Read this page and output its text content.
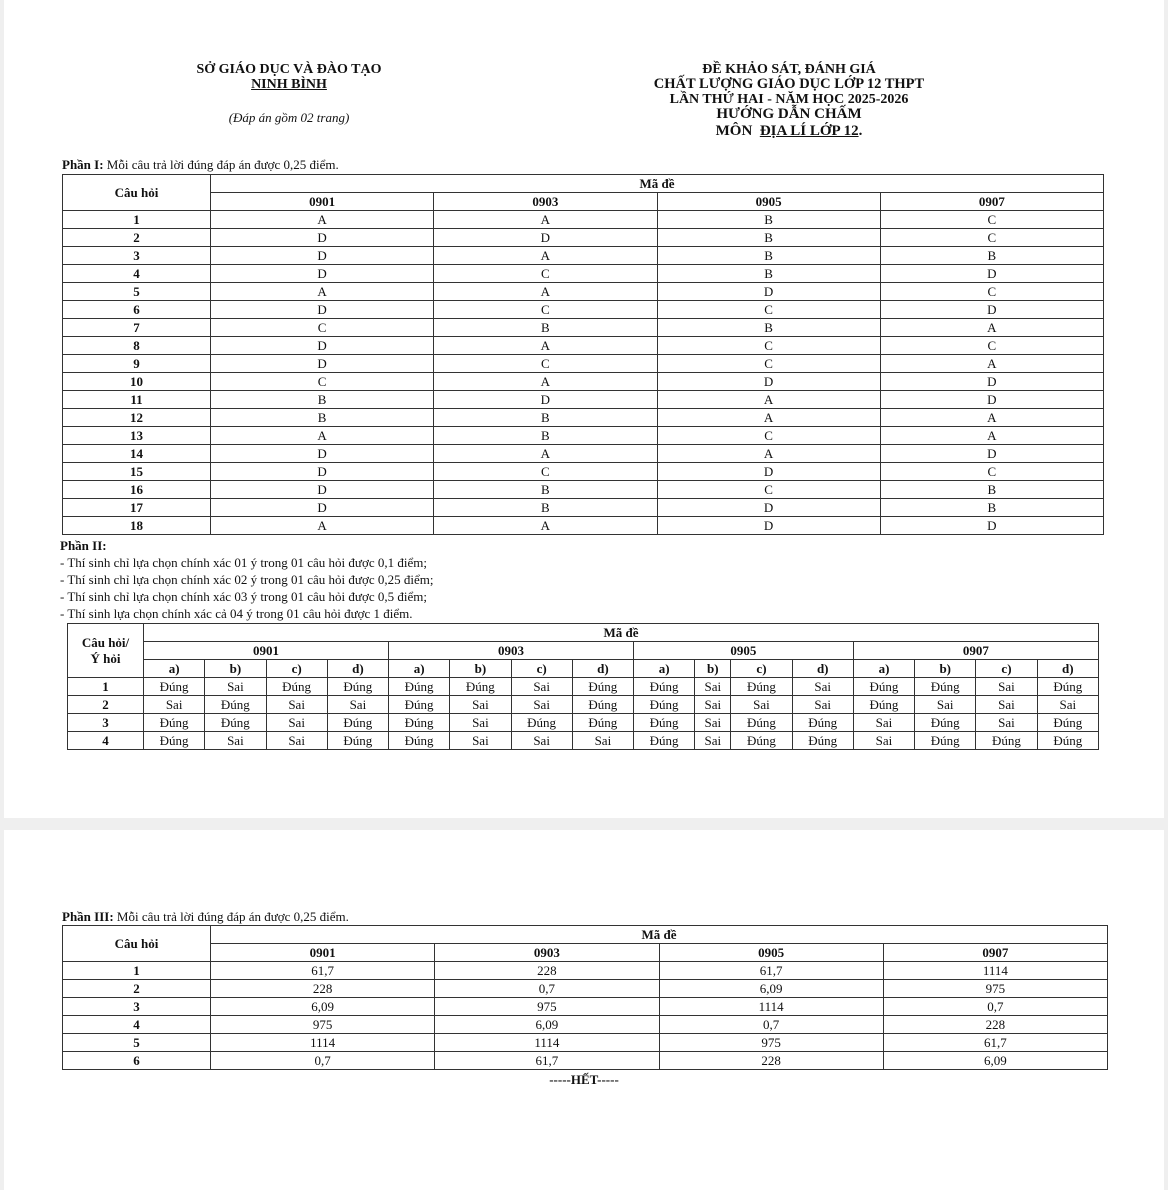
SỞ GIÁO DỤC VÀ ĐÀO TẠO
NINH BÌNH
(Đáp án gồm 02 trang)
ĐỀ KHẢO SÁT, ĐÁNH GIÁ
CHẤT LƯỢNG GIÁO DỤC LỚP 12 THPT
LẦN THỨ HAI - NĂM HỌC 2025-2026
HƯỚNG DẪN CHẤM
MÔN ĐỊA LÍ LỚP 12.
Phần I: Mỗi câu trả lời đúng đáp án được 0,25 điểm.
Câu hỏi	Mã đề			
	0901	0903	0905	0907
1	A	A	B	C
2	D	D	B	C
3	D	A	B	B
4	D	C	B	D
5	A	A	D	C
6	D	C	C	D
7	C	B	B	A
8	D	A	C	C
9	D	C	C	A
10	C	A	D	D
11	B	D	A	D
12	B	B	A	A
13	A	B	C	A
14	D	A	A	D
15	D	C	D	C
16	D	B	C	B
17	D	B	D	B
18	A	A	D	D
Phần II:
- Thí sinh chỉ lựa chọn chính xác 01 ý trong 01 câu hỏi được 0,1 điểm;
- Thí sinh chỉ lựa chọn chính xác 02 ý trong 01 câu hỏi được 0,25 điểm;
- Thí sinh chỉ lựa chọn chính xác 03 ý trong 01 câu hỏi được 0,5 điểm;
- Thí sinh lựa chọn chính xác cả 04 ý trong 01 câu hỏi được 1 điểm.
Câu hỏi/
Ý hỏi	Mã đề															
	0901				0903				0905				0907			
	a)	b)	c)	d)	a)	b)	c)	d)	a)	b)	c)	d)	a)	b)	c)	d)
1	Đúng	Sai	Đúng	Đúng	Đúng	Đúng	Sai	Đúng	Đúng	Sai	Đúng	Sai	Đúng	Đúng	Sai	Đúng
2	Sai	Đúng	Sai	Sai	Đúng	Sai	Sai	Đúng	Đúng	Sai	Sai	Sai	Đúng	Sai	Sai	Sai
3	Đúng	Đúng	Sai	Đúng	Đúng	Sai	Đúng	Đúng	Đúng	Sai	Đúng	Đúng	Sai	Đúng	Sai	Đúng
4	Đúng	Sai	Sai	Đúng	Đúng	Sai	Sai	Sai	Đúng	Sai	Đúng	Đúng	Sai	Đúng	Đúng	Đúng
Phần III: Mỗi câu trả lời đúng đáp án được 0,25 điểm.
Câu hỏi	Mã đề			
	0901	0903	0905	0907
1	61,7	228	61,7	1114
2	228	0,7	6,09	975
3	6,09	975	1114	0,7
4	975	6,09	0,7	228
5	1114	1114	975	61,7
6	0,7	61,7	228	6,09
-----HẾT-----
